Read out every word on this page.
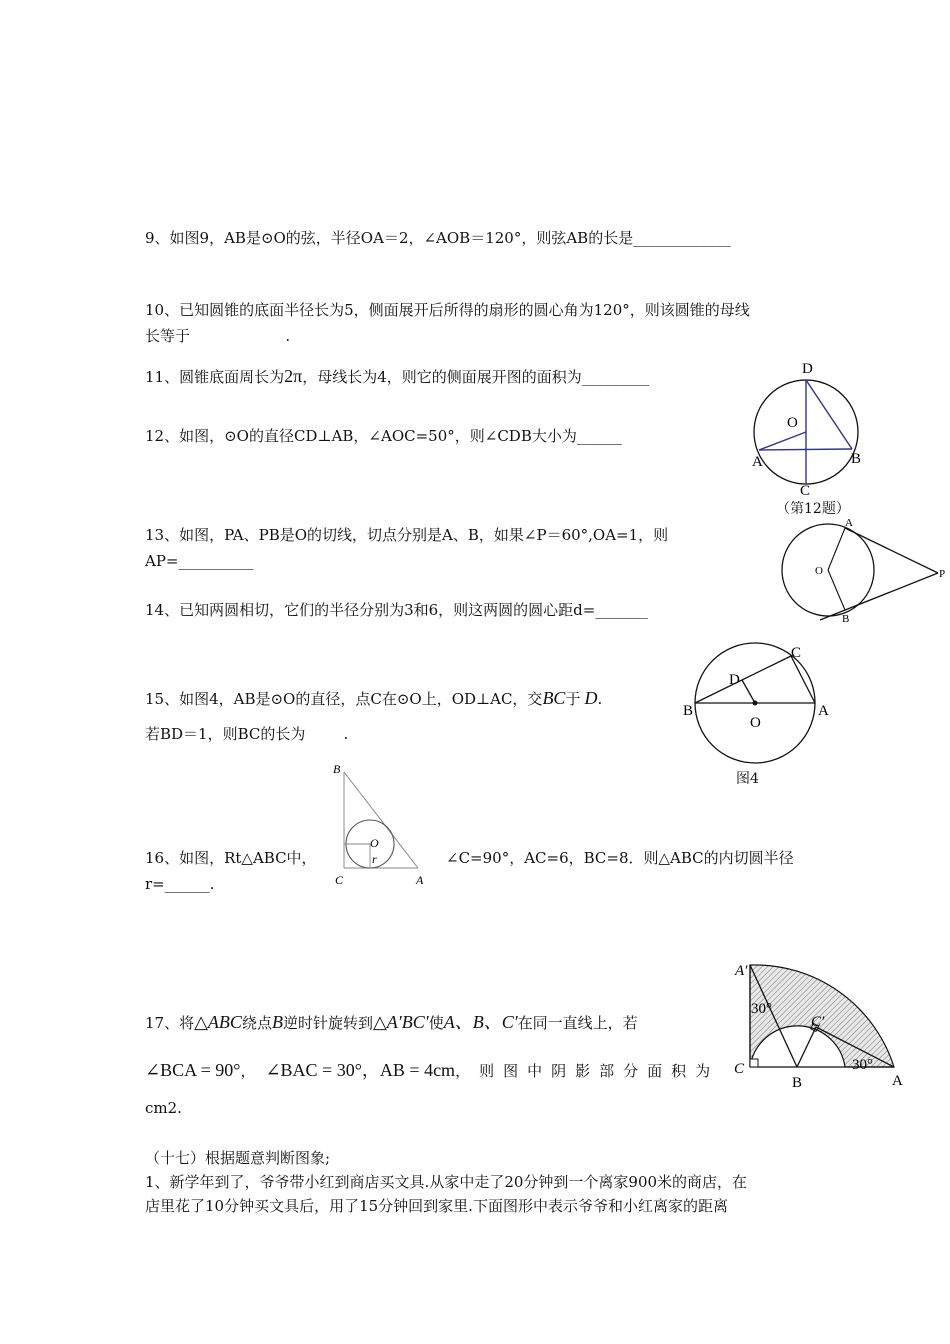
9、如图9，AB是⊙O的弦，半径OA＝2，∠AOB＝120°，则弦AB的长是_____________
10、已知圆锥的底面半径长为5，侧面展开后所得的扇形的圆心角为120°，则该圆锥的母线
长等于                    .
11、圆锥底面周长为2π，母线长为4，则它的侧面展开图的面积为_________
12、如图，⊙O的直径CD⊥AB，∠AOC=50°，则∠CDB大小为______
D
O
A	B
C
（第12题）
13、如图，PA、PB是O的切线，切点分别是A、B，如果∠P＝60°,OA=1，则
AP=__________
A
B
O	P
14、已知两圆相切，它们的半径分别为3和6，则这两圆的圆心距d=_______
15、如图4，AB是⊙O的直径，点C在⊙O上，OD⊥AC，交BC于 D.
若BD＝1，则BC的长为        .
C
D
B
O
A
图4
16、如图，Rt△ABC中，	∠C=90°，AC=6，BC=8．则△ABC的内切圆半径
r=______.
B
O
r
C	A
17、将△ABC绕点B逆时针旋转到△A′BC′使A、B、C′在同一直线上，若
∠BCA = 90°， ∠BAC = 30°，AB = 4cm，则图中阴影部分面积为
cm2.
A′
30°
C′
C
B
30°
A
（十七）根据题意判断图象;
1、新学年到了，爷爷带小红到商店买文具.从家中走了20分钟到一个离家900米的商店，在
店里花了10分钟买文具后，用了15分钟回到家里.下面图形中表示爷爷和小红离家的距离
